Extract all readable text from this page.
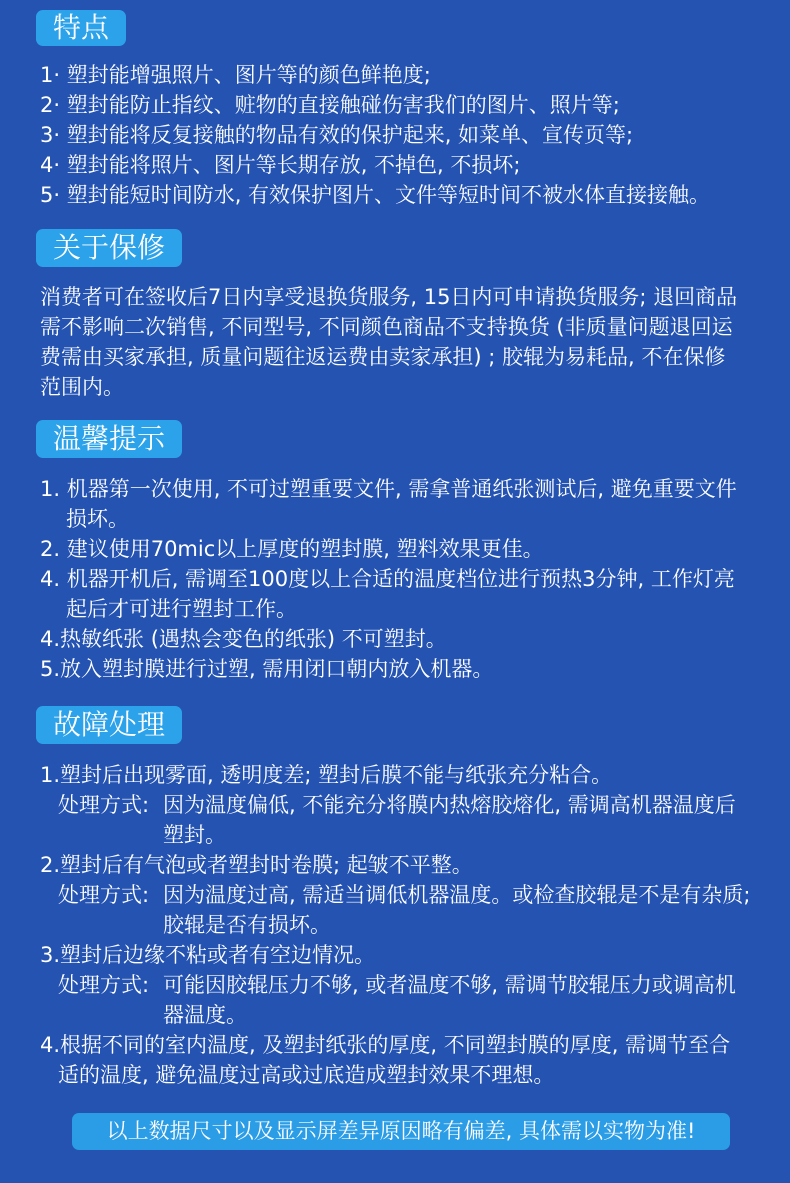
特点
1· 塑封能增强照片、图片等的颜色鲜艳度;
2· 塑封能防止指纹、赃物的直接触碰伤害我们的图片、照片等;
3· 塑封能将反复接触的物品有效的保护起来, 如菜单、宣传页等;
4· 塑封能将照片、图片等长期存放, 不掉色, 不损坏;
5· 塑封能短时间防水, 有效保护图片、文件等短时间不被水体直接接触。
关于保修
消费者可在签收后7日内享受退换货服务, 15日内可申请换货服务; 退回商品
需不影响二次销售, 不同型号, 不同颜色商品不支持换货 (非质量问题退回运
费需由买家承担, 质量问题往返运费由卖家承担) ; 胶辊为易耗品, 不在保修
范围内。
温馨提示
1. 机器第一次使用, 不可过塑重要文件, 需拿普通纸张测试后, 避免重要文件
损坏。
2. 建议使用70mic以上厚度的塑封膜, 塑料效果更佳。
4. 机器开机后, 需调至100度以上合适的温度档位进行预热3分钟, 工作灯亮
起后才可进行塑封工作。
4.热敏纸张 (遇热会变色的纸张) 不可塑封。
5.放入塑封膜进行过塑, 需用闭口朝内放入机器。
故障处理
1.塑封后出现雾面, 透明度差; 塑封后膜不能与纸张充分粘合。
处理方式: 因为温度偏低, 不能充分将膜内热熔胶熔化, 需调高机器温度后
塑封。
2.塑封后有气泡或者塑封时卷膜; 起皱不平整。
处理方式: 因为温度过高, 需适当调低机器温度。或检查胶辊是不是有杂质;
胶辊是否有损坏。
3.塑封后边缘不粘或者有空边情况。
处理方式: 可能因胶辊压力不够, 或者温度不够, 需调节胶辊压力或调高机
器温度。
4.根据不同的室内温度, 及塑封纸张的厚度, 不同塑封膜的厚度, 需调节至合
适的温度, 避免温度过高或过底造成塑封效果不理想。
以上数据尺寸以及显示屏差异原因略有偏差, 具体需以实物为准!
